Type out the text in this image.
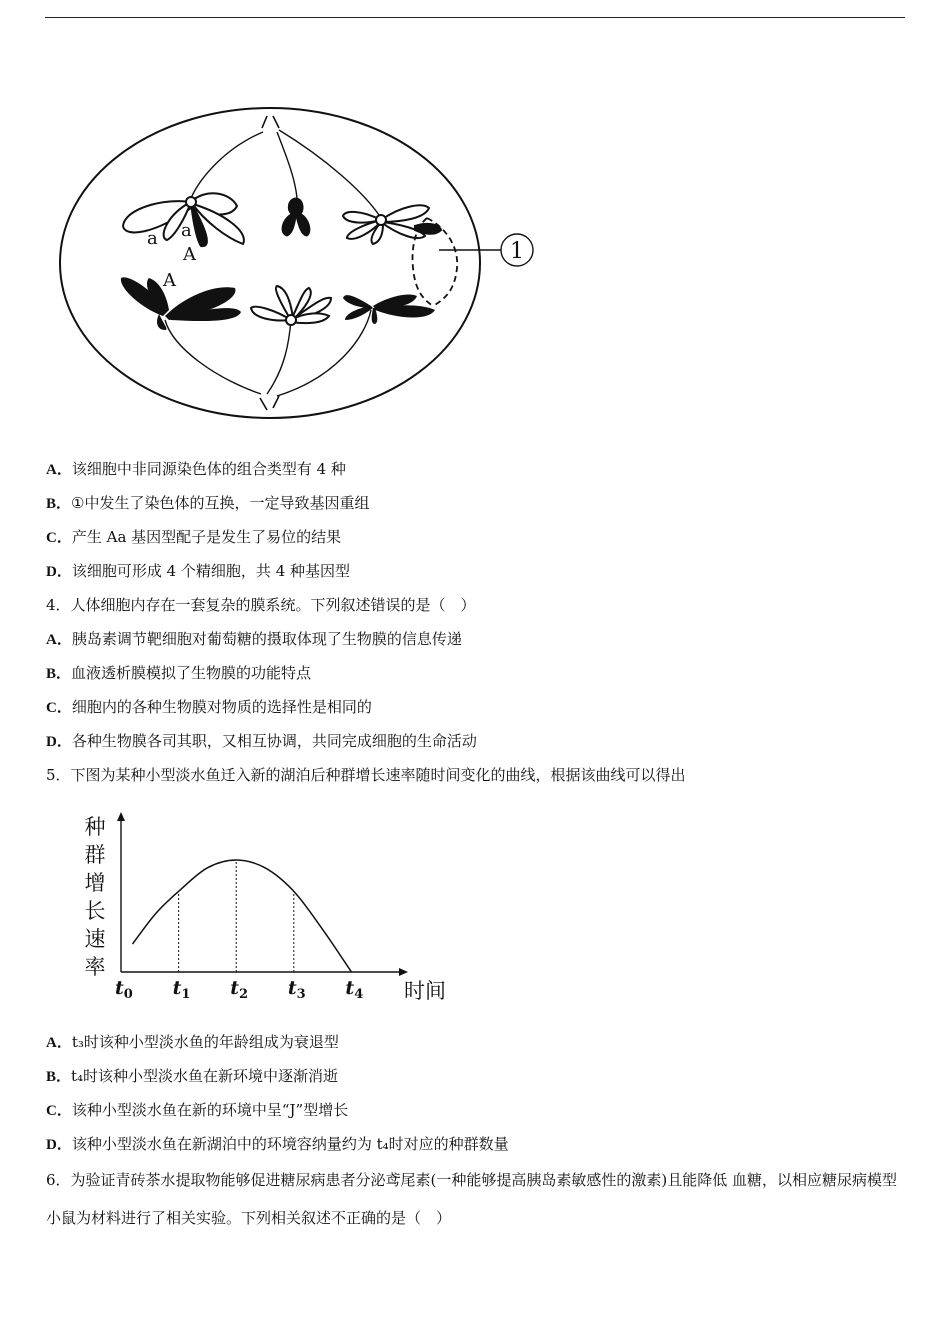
1
a a
A
A
A．该细胞中非同源染色体的组合类型有 4 种
B．①中发生了染色体的互换，一定导致基因重组
C．产生 Aa 基因型配子是发生了易位的结果
D．该细胞可形成 4 个精细胞，共 4 种基因型
4．人体细胞内存在一套复杂的膜系统。下列叙述错误的是（　）
A．胰岛素调节靶细胞对葡萄糖的摄取体现了生物膜的信息传递
B．血液透析膜模拟了生物膜的功能特点
C．细胞内的各种生物膜对物质的选择性是相同的
D．各种生物膜各司其职，又相互协调，共同完成细胞的生命活动
5．下图为某种小型淡水鱼迁入新的湖泊后种群增长速率随时间变化的曲线，根据该曲线可以得出
种
群
增
长
速
率
时间
$t_0$ $t_1$ $t_2$ $t_3$ $t_4$
A．t₃时该种小型淡水鱼的年龄组成为衰退型
B．t₄时该种小型淡水鱼在新环境中逐渐消逝
C．该种小型淡水鱼在新的环境中呈“J”型增长
D．该种小型淡水鱼在新湖泊中的环境容纳量约为 t₄时对应的种群数量
6．为验证青砖茶水提取物能够促进糖尿病患者分泌鸢尾素(一种能够提高胰岛素敏感性的激素)且能降低 血糖，以相应糖尿病模型小鼠为材料进行了相关实验。下列相关叙述不正确的是（　）
